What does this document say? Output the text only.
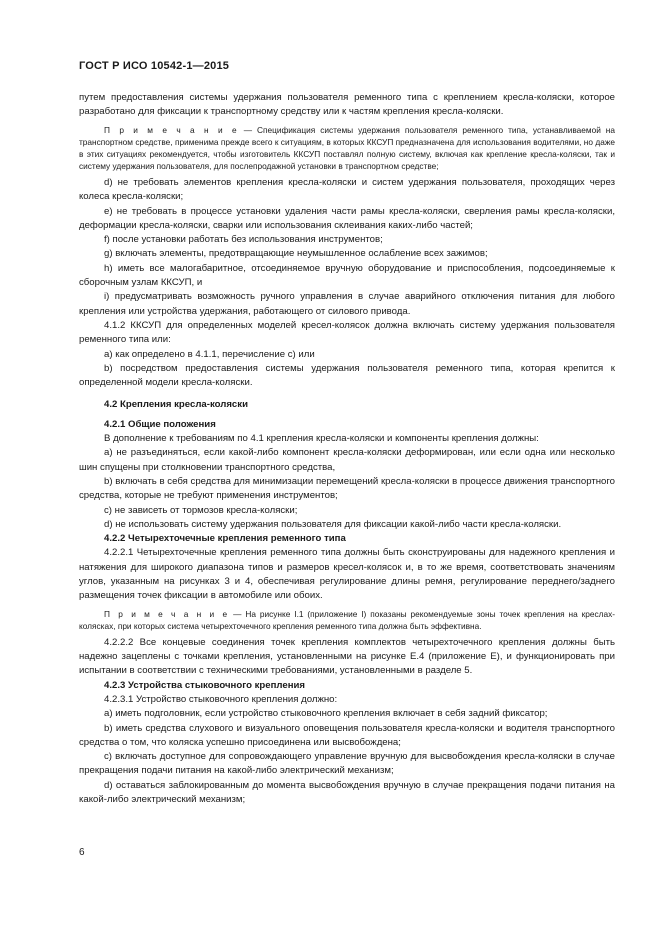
ГОСТ Р ИСО 10542-1—2015

путем предоставления системы удержания пользователя ременного типа с креплением кресла-коляски, которое разработано для фиксации к транспортному средству или к частям крепления кресла-коляски.

П р и м е ч а н и е — Спецификация системы удержания пользователя ременного типа, устанавливаемой на транспортном средстве, применима прежде всего к ситуациям, в которых ККСУП предназначена для использования водителями, но даже в этих ситуациях рекомендуется, чтобы изготовитель ККСУП поставлял полную систему, включая как крепление кресла-коляски, так и систему удержания пользователя, для послепродажной установки в транспортном средстве;

d) не требовать элементов крепления кресла-коляски и систем удержания пользователя, проходящих через колеса кресла-коляски;

e) не требовать в процессе установки удаления части рамы кресла-коляски, сверления рамы кресла-коляски, деформации кресла-коляски, сварки или использования склеивания каких-либо частей;

f) после установки работать без использования инструментов;

g) включать элементы, предотвращающие неумышленное ослабление всех зажимов;

h) иметь все малогабаритное, отсоединяемое вручную оборудование и приспособления, подсоединяемые к сборочным узлам ККСУП, и

i) предусматривать возможность ручного управления в случае аварийного отключения питания для любого крепления или устройства удержания, работающего от силового привода.

4.1.2 ККСУП для определенных моделей кресел-колясок должна включать систему удержания пользователя ременного типа или:

a) как определено в 4.1.1, перечисление с) или

b) посредством предоставления системы удержания пользователя ременного типа, которая крепится к определенной модели кресла-коляски.

4.2 Крепления кресла-коляски

4.2.1 Общие положения

В дополнение к требованиям по 4.1 крепления кресла-коляски и компоненты крепления должны:

a) не разъединяться, если какой-либо компонент кресла-коляски деформирован, или если одна или несколько шин спущены при столкновении транспортного средства,

b) включать в себя средства для минимизации перемещений кресла-коляски в процессе движения транспортного средства, которые не требуют применения инструментов;

c) не зависеть от тормозов кресла-коляски;

d) не использовать систему удержания пользователя для фиксации какой-либо части кресла-коляски.

4.2.2 Четырехточечные крепления ременного типа

4.2.2.1 Четырехточечные крепления ременного типа должны быть сконструированы для надежного крепления и натяжения для широкого диапазона типов и размеров кресел-колясок и, в то же время, соответствовать значениям углов, указанным на рисунках 3 и 4, обеспечивая регулирование длины ремня, регулирование переднего/заднего размещения точек фиксации в автомобиле или обоих.

П р и м е ч а н и е — На рисунке I.1 (приложение I) показаны рекомендуемые зоны точек крепления на креслах-колясках, при которых система четырехточечного крепления ременного типа должна быть эффективна.

4.2.2.2 Все концевые соединения точек крепления комплектов четырехточечного крепления должны быть надежно зацеплены с точками крепления, установленными на рисунке Е.4 (приложение Е), и функционировать при испытании в соответствии с техническими требованиями, установленными в разделе 5.

4.2.3 Устройства стыковочного крепления

4.2.3.1 Устройство стыковочного крепления должно:

a) иметь подголовник, если устройство стыковочного крепления включает в себя задний фиксатор;

b) иметь средства слухового и визуального оповещения пользователя кресла-коляски и водителя транспортного средства о том, что коляска успешно присоединена или высвобождена;

c) включать доступное для сопровождающего управление вручную для высвобождения кресла-коляски в случае прекращения подачи питания на какой-либо электрический механизм;

d) оставаться заблокированным до момента высвобождения вручную в случае прекращения подачи питания на какой-либо электрический механизм;

6
